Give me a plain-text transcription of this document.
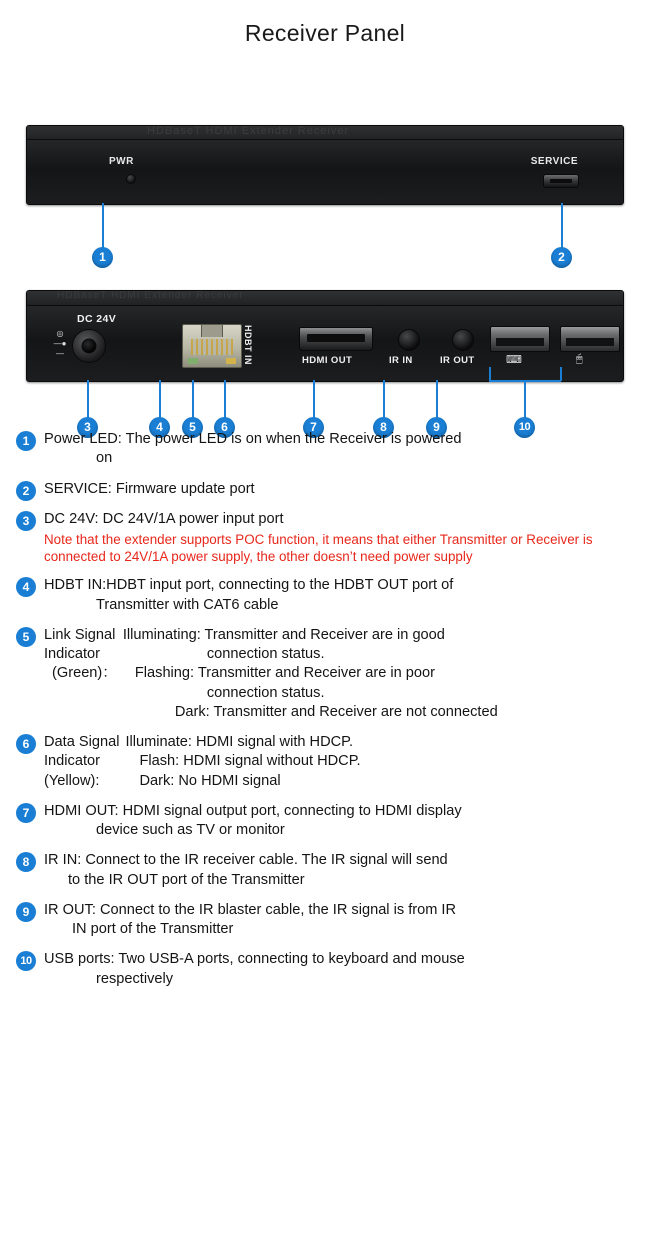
Receiver Panel
HDBaseT HDMI Extender Receiver
PWR	SERVICE
1	2
HDBaseT HDMI Extender Receiver
◎
—●—
DC 24V
HDBT IN	HDMI OUT	IR IN	IR OUT	⌨	🖱
3	4	5	6	7	8	9	10
1	Power LED: The power LED is on when the Receiver is powered
on
2	SERVICE: Firmware update port
3	DC 24V: DC 24V/1A power input port
Note that the extender supports POC function, it means that either Transmitter or Receiver is connected to 24V/1A power supply, the other doesn’t need power supply
4	HDBT IN:HDBT input port, connecting to the HDBT OUT port of
Transmitter with CAT6 cable
5	Link Signal	Illuminating: Transmitter and Receiver are in good
Indicator	connection status.
(Green)：	Flashing: Transmitter and Receiver are in poor
	connection status.
	Dark: Transmitter and Receiver are not connected
6	Data Signal	Illuminate: HDMI signal with HDCP.
Indicator	Flash: HDMI signal without HDCP.
(Yellow):	Dark: No HDMI signal
7	HDMI OUT: HDMI signal output port, connecting to HDMI display
device such as TV or monitor
8	IR IN: Connect to the IR receiver cable. The IR signal will send
to the IR OUT port of the Transmitter
9	IR OUT: Connect to the IR blaster cable, the IR signal is from IR
IN port of the Transmitter
10 USB ports: Two USB-A ports, connecting to keyboard and mouse
respectively
